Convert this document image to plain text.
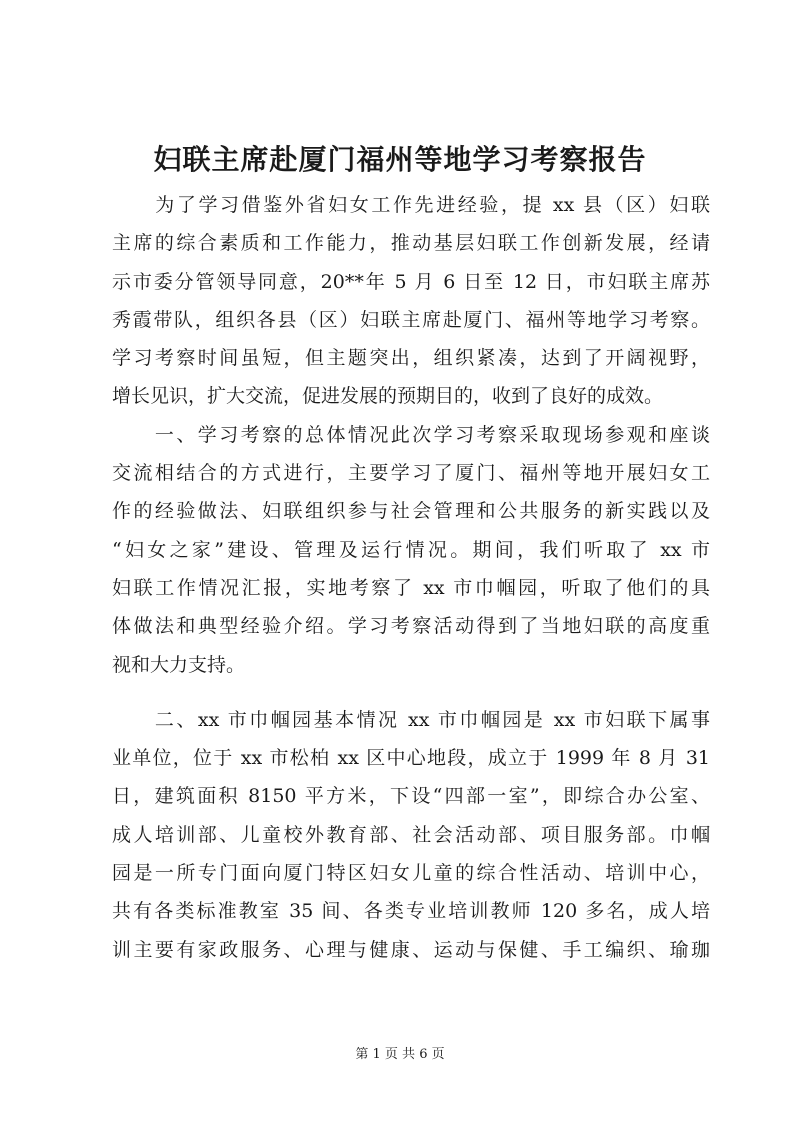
妇联主席赴厦门福州等地学习考察报告
　　为了学习借鉴外省妇女工作先进经验，提 xx 县（区）妇联
主席的综合素质和工作能力，推动基层妇联工作创新发展，经请
示市委分管领导同意，20**年 5 月 6 日至 12 日，市妇联主席苏
秀霞带队，组织各县（区）妇联主席赴厦门、福州等地学习考察。
学习考察时间虽短，但主题突出，组织紧凑，达到了开阔视野，
增长见识，扩大交流，促进发展的预期目的，收到了良好的成效。
　　一、学习考察的总体情况此次学习考察采取现场参观和座谈
交流相结合的方式进行，主要学习了厦门、福州等地开展妇女工
作的经验做法、妇联组织参与社会管理和公共服务的新实践以及
“妇女之家”建设、管理及运行情况。期间，我们听取了 xx 市
妇联工作情况汇报，实地考察了 xx 市巾帼园，听取了他们的具
体做法和典型经验介绍。学习考察活动得到了当地妇联的高度重
视和大力支持。
　　二、xx 市巾帼园基本情况 xx 市巾帼园是 xx 市妇联下属事
业单位，位于 xx 市松柏 xx 区中心地段，成立于 1999 年 8 月 31
日，建筑面积 8150 平方米，下设“四部一室”，即综合办公室、
成人培训部、儿童校外教育部、社会活动部、项目服务部。巾帼
园是一所专门面向厦门特区妇女儿童的综合性活动、培训中心，
共有各类标准教室 35 间、各类专业培训教师 120 多名，成人培
训主要有家政服务、心理与健康、运动与保健、手工编织、瑜珈
第 1 页 共 6 页
